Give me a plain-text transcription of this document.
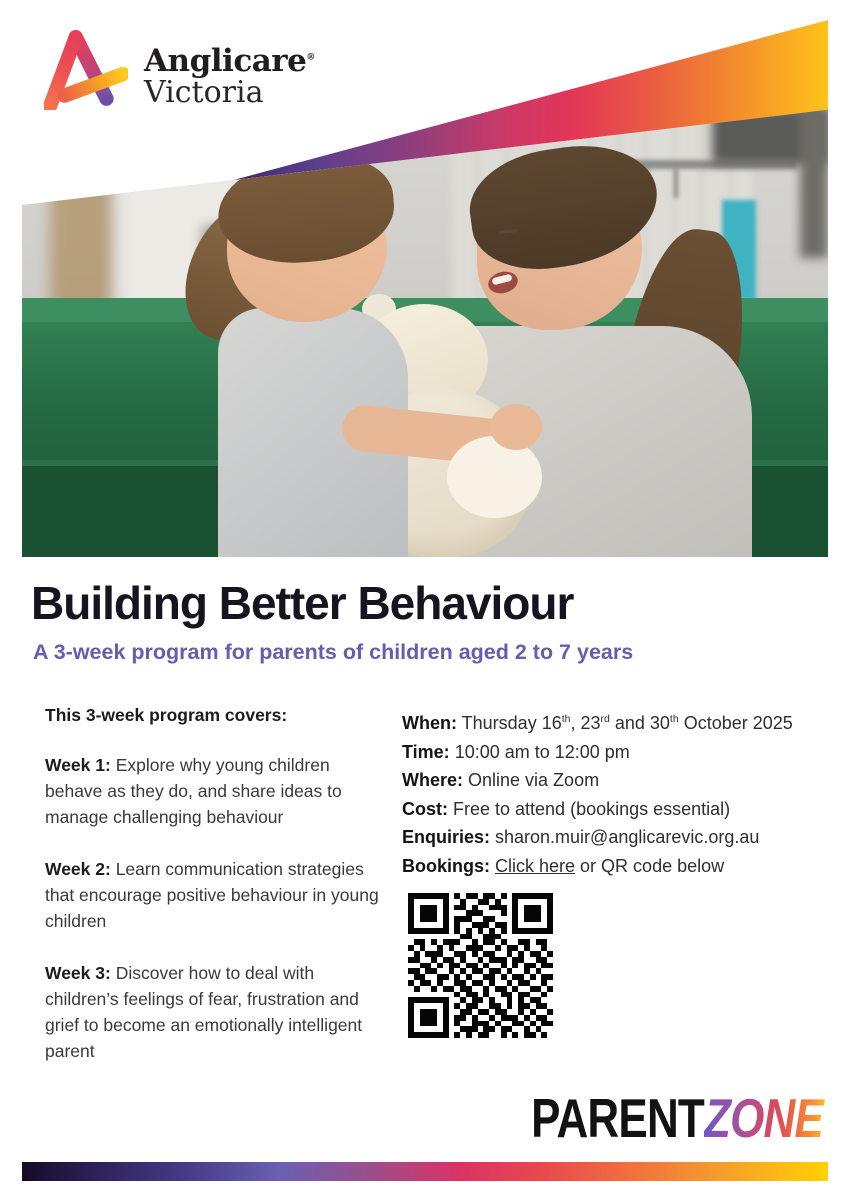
Anglicare®
Victoria
Building Better Behaviour
A 3-week program for parents of children aged 2 to 7 years
This 3-week program covers:

Week 1: Explore why young children behave as they do, and share ideas to manage challenging behaviour

Week 2: Learn communication strategies that encourage positive behaviour in young children

Week 3: Discover how to deal with children’s feelings of fear, frustration and grief to become an emotionally intelligent parent

When: Thursday 16th, 23rd and 30th October 2025
Time: 10:00 am to 12:00 pm
Where: Online via Zoom
Cost: Free to attend (bookings essential)
Enquiries: sharon.muir@anglicarevic.org.au
Bookings: Click here or QR code below
PARENT ZONE
